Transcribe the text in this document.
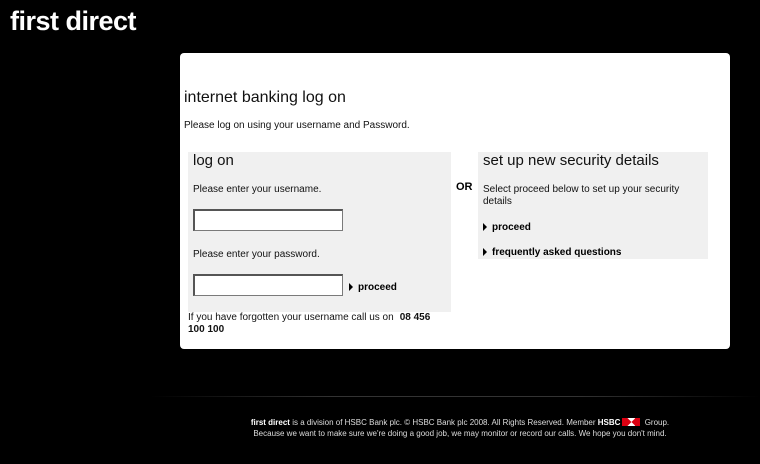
first direct
internet banking log on
Please log on using your username and Password.
log on
Please enter your username.
Please enter your password.
proceed
If you have forgotten your username call us on 08 456 100 100
OR
set up new security details
Select proceed below to set up your security details
proceed
frequently asked questions
first direct is a division of HSBC Bank plc. © HSBC Bank plc 2008. All Rights Reserved. Member HSBC	Group.
Because we want to make sure we're doing a good job, we may monitor or record our calls. We hope you don't mind.
